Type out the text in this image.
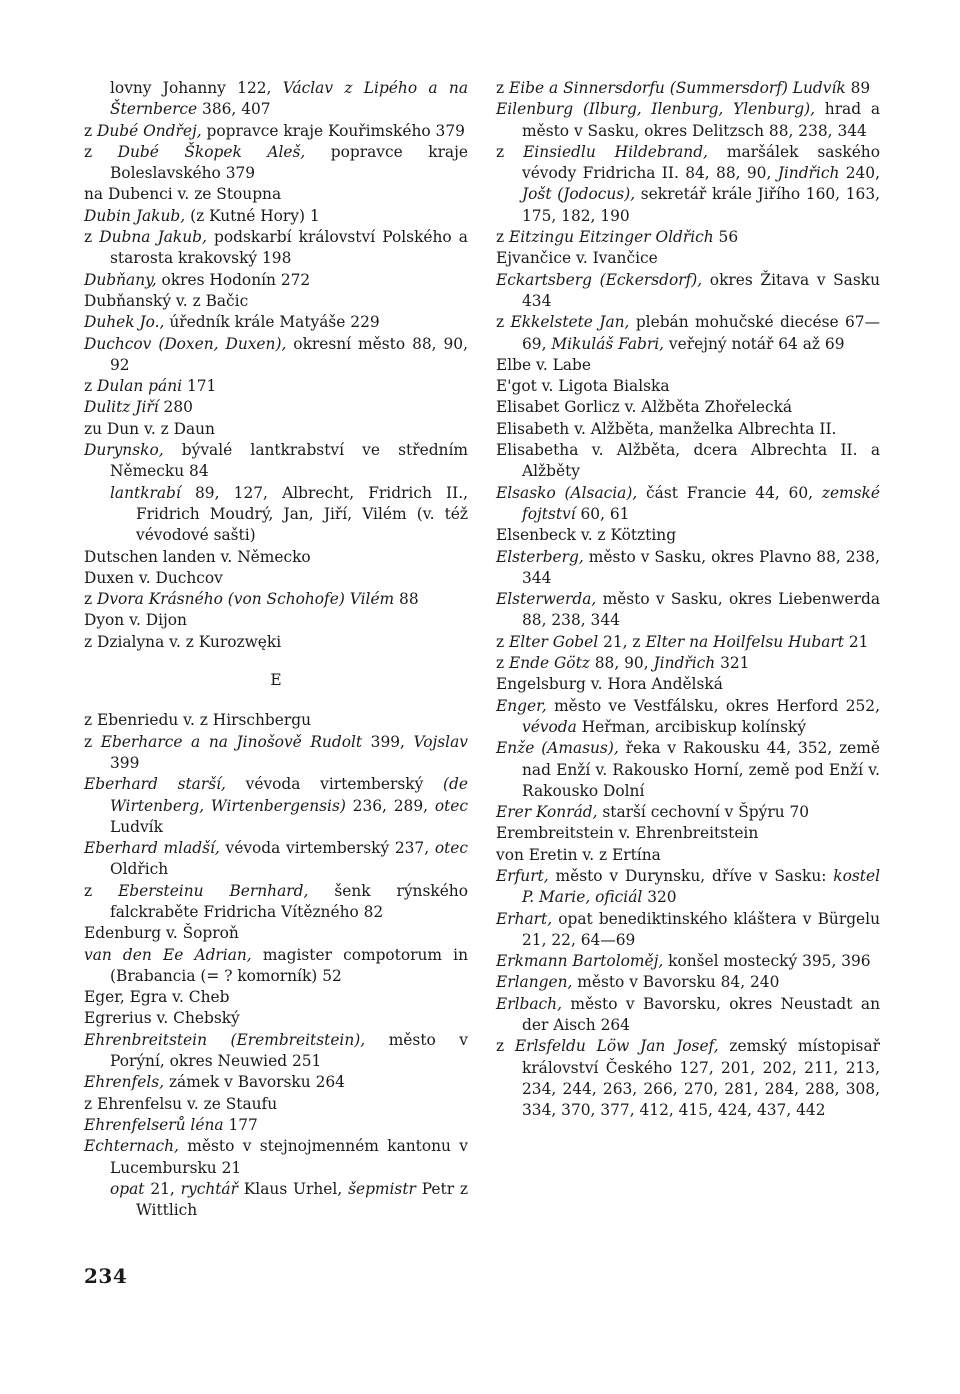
lovny Johanny 122, Václav z Lipého a na Šternberce 386, 407

z Dubé Ondřej, popravce kraje Kouřimského 379

z Dubé Škopek Aleš, popravce kraje Boleslavského 379

na Dubenci v. ze Stoupna

Dubin Jakub, (z Kutné Hory) 1

z Dubna Jakub, podskarbí království Polského a starosta krakovský 198

Dubňany, okres Hodonín 272

Dubňanský v. z Bačic

Duhek Jo., úředník krále Matyáše 229

Duchcov (Doxen, Duxen), okresní město 88, 90, 92

z Dulan páni 171

Dulitz Jiří 280

zu Dun v. z Daun

Durynsko, bývalé lantkrabství ve středním Německu 84

lantkrabí 89, 127, Albrecht, Fridrich II., Fridrich Moudrý, Jan, Jiří, Vilém (v. též vévodové sašti)

Dutschen landen v. Německo

Duxen v. Duchcov

z Dvora Krásného (von Schohofe) Vilém 88

Dyon v. Dijon

z Dzialyna v. z Kurozwęki

E

z Ebenriedu v. z Hirschbergu

z Eberharce a na Jinošově Rudolt 399, Vojslav 399

Eberhard starší, vévoda virtemberský (de Wirtenberg, Wirtenbergensis) 236, 289, otec Ludvík

Eberhard mladší, vévoda virtemberský 237, otec Oldřich

z Ebersteinu Bernhard, šenk rýnského falckraběte Fridricha Vítězného 82

Edenburg v. Šoproň

van den Ee Adrian, magister compotorum in (Brabancia (= ? komorník) 52

Eger, Egra v. Cheb

Egrerius v. Chebský

Ehrenbreitstein (Erembreitstein), město v Porýní, okres Neuwied 251

Ehrenfels, zámek v Bavorsku 264

z Ehrenfelsu v. ze Staufu

Ehrenfelserů léna 177

Echternach, město v stejnojmenném kantonu v Lucembursku 21

opat 21, rychtář Klaus Urhel, šepmistr Petr z Wittlich

z Eibe a Sinnersdorfu (Summersdorf) Ludvík 89

Eilenburg (Ilburg, Ilenburg, Ylenburg), hrad a město v Sasku, okres Delitzsch 88, 238, 344

z Einsiedlu Hildebrand, maršálek saského vévody Fridricha II. 84, 88, 90, Jindřich 240, Jošt (Jodocus), sekretář krále Jiřího 160, 163, 175, 182, 190

z Eitzingu Eitzinger Oldřich 56

Ejvančice v. Ivančice

Eckartsberg (Eckersdorf), okres Žitava v Sasku 434

z Ekkelstete Jan, plebán mohučské diecése 67—69, Mikuláš Fabri, veřejný notář 64 až 69

Elbe v. Labe

E'got v. Ligota Bialska

Elisabet Gorlicz v. Alžběta Zhořelecká

Elisabeth v. Alžběta, manželka Albrechta II.

Elisabetha v. Alžběta, dcera Albrechta II. a Alžběty

Elsasko (Alsacia), část Francie 44, 60, zemské fojtství 60, 61

Elsenbeck v. z Kötzting

Elsterberg, město v Sasku, okres Plavno 88, 238, 344

Elsterwerda, město v Sasku, okres Liebenwerda 88, 238, 344

z Elter Gobel 21, z Elter na Hoilfelsu Hubart 21

z Ende Götz 88, 90, Jindřich 321

Engelsburg v. Hora Andělská

Enger, město ve Vestfálsku, okres Herford 252, vévoda Heřman, arcibiskup kolínský

Enže (Amasus), řeka v Rakousku 44, 352, země nad Enží v. Rakousko Horní, země pod Enží v. Rakousko Dolní

Erer Konrád, starší cechovní v Špýru 70

Erembreitstein v. Ehrenbreitstein

von Eretin v. z Ertína

Erfurt, město v Durynsku, dříve v Sasku: kostel P. Marie, oficiál 320

Erhart, opat benediktinského kláštera v Bürgelu 21, 22, 64—69

Erkmann Bartoloměj, konšel mostecký 395, 396

Erlangen, město v Bavorsku 84, 240

Erlbach, město v Bavorsku, okres Neustadt an der Aisch 264

z Erlsfeldu Löw Jan Josef, zemský místopisař království Českého 127, 201, 202, 211, 213, 234, 244, 263, 266, 270, 281, 284, 288, 308, 334, 370, 377, 412, 415, 424, 437, 442

234
